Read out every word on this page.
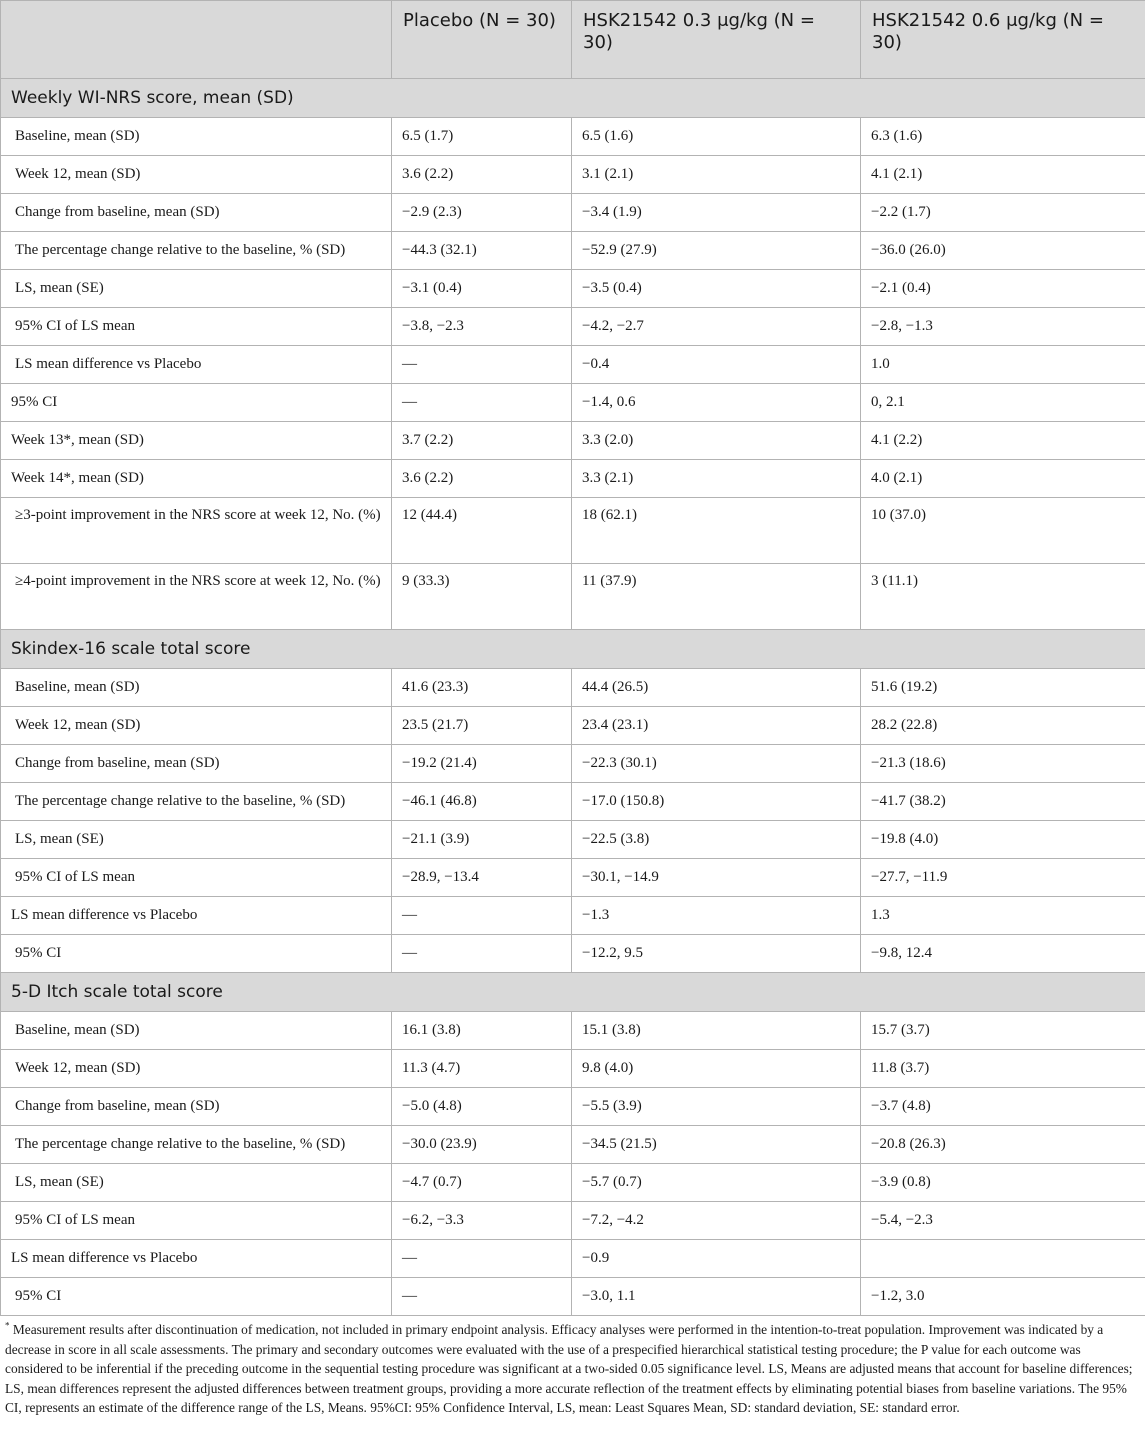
	Placebo (N = 30)	HSK21542 0.3 μg/kg (N = 30)	HSK21542 0.6 μg/kg (N = 30)
Weekly WI-NRS score, mean (SD)			
Baseline, mean (SD)	6.5 (1.7)	6.5 (1.6)	6.3 (1.6)
Week 12, mean (SD)	3.6 (2.2)	3.1 (2.1)	4.1 (2.1)
Change from baseline, mean (SD)	−2.9 (2.3)	−3.4 (1.9)	−2.2 (1.7)
The percentage change relative to the baseline, % (SD)	−44.3 (32.1)	−52.9 (27.9)	−36.0 (26.0)
LS, mean (SE)	−3.1 (0.4)	−3.5 (0.4)	−2.1 (0.4)
95% CI of LS mean	−3.8, −2.3	−4.2, −2.7	−2.8, −1.3
LS mean difference vs Placebo	—	−0.4	1.0
95% CI	—	−1.4, 0.6	0, 2.1
Week 13*, mean (SD)	3.7 (2.2)	3.3 (2.0)	4.1 (2.2)
Week 14*, mean (SD)	3.6 (2.2)	3.3 (2.1)	4.0 (2.1)
≥3-point improvement in the NRS score at week 12, No. (%)	12 (44.4)	18 (62.1)	10 (37.0)
≥4-point improvement in the NRS score at week 12, No. (%)	9 (33.3)	11 (37.9)	3 (11.1)
Skindex-16 scale total score			
Baseline, mean (SD)	41.6 (23.3)	44.4 (26.5)	51.6 (19.2)
Week 12, mean (SD)	23.5 (21.7)	23.4 (23.1)	28.2 (22.8)
Change from baseline, mean (SD)	−19.2 (21.4)	−22.3 (30.1)	−21.3 (18.6)
The percentage change relative to the baseline, % (SD)	−46.1 (46.8)	−17.0 (150.8)	−41.7 (38.2)
LS, mean (SE)	−21.1 (3.9)	−22.5 (3.8)	−19.8 (4.0)
95% CI of LS mean	−28.9, −13.4	−30.1, −14.9	−27.7, −11.9
LS mean difference vs Placebo	—	−1.3	1.3
95% CI	—	−12.2, 9.5	−9.8, 12.4
5-D Itch scale total score			
Baseline, mean (SD)	16.1 (3.8)	15.1 (3.8)	15.7 (3.7)
Week 12, mean (SD)	11.3 (4.7)	9.8 (4.0)	11.8 (3.7)
Change from baseline, mean (SD)	−5.0 (4.8)	−5.5 (3.9)	−3.7 (4.8)
The percentage change relative to the baseline, % (SD)	−30.0 (23.9)	−34.5 (21.5)	−20.8 (26.3)
LS, mean (SE)	−4.7 (0.7)	−5.7 (0.7)	−3.9 (0.8)
95% CI of LS mean	−6.2, −3.3	−7.2, −4.2	−5.4, −2.3
LS mean difference vs Placebo	—	−0.9	
95% CI	—	−3.0, 1.1	−1.2, 3.0
* Measurement results after discontinuation of medication, not included in primary endpoint analysis. Efficacy analyses were performed in the intention-to-treat population. Improvement was indicated by a decrease in score in all scale assessments. The primary and secondary outcomes were evaluated with the use of a prespecified hierarchical statistical testing procedure; the P value for each outcome was considered to be inferential if the preceding outcome in the sequential testing procedure was significant at a two-sided 0.05 significance level. LS, Means are adjusted means that account for baseline differences; LS, mean differences represent the adjusted differences between treatment groups, providing a more accurate reflection of the treatment effects by eliminating potential biases from baseline variations. The 95% CI, represents an estimate of the difference range of the LS, Means. 95%CI: 95% Confidence Interval, LS, mean: Least Squares Mean, SD: standard deviation, SE: standard error.
